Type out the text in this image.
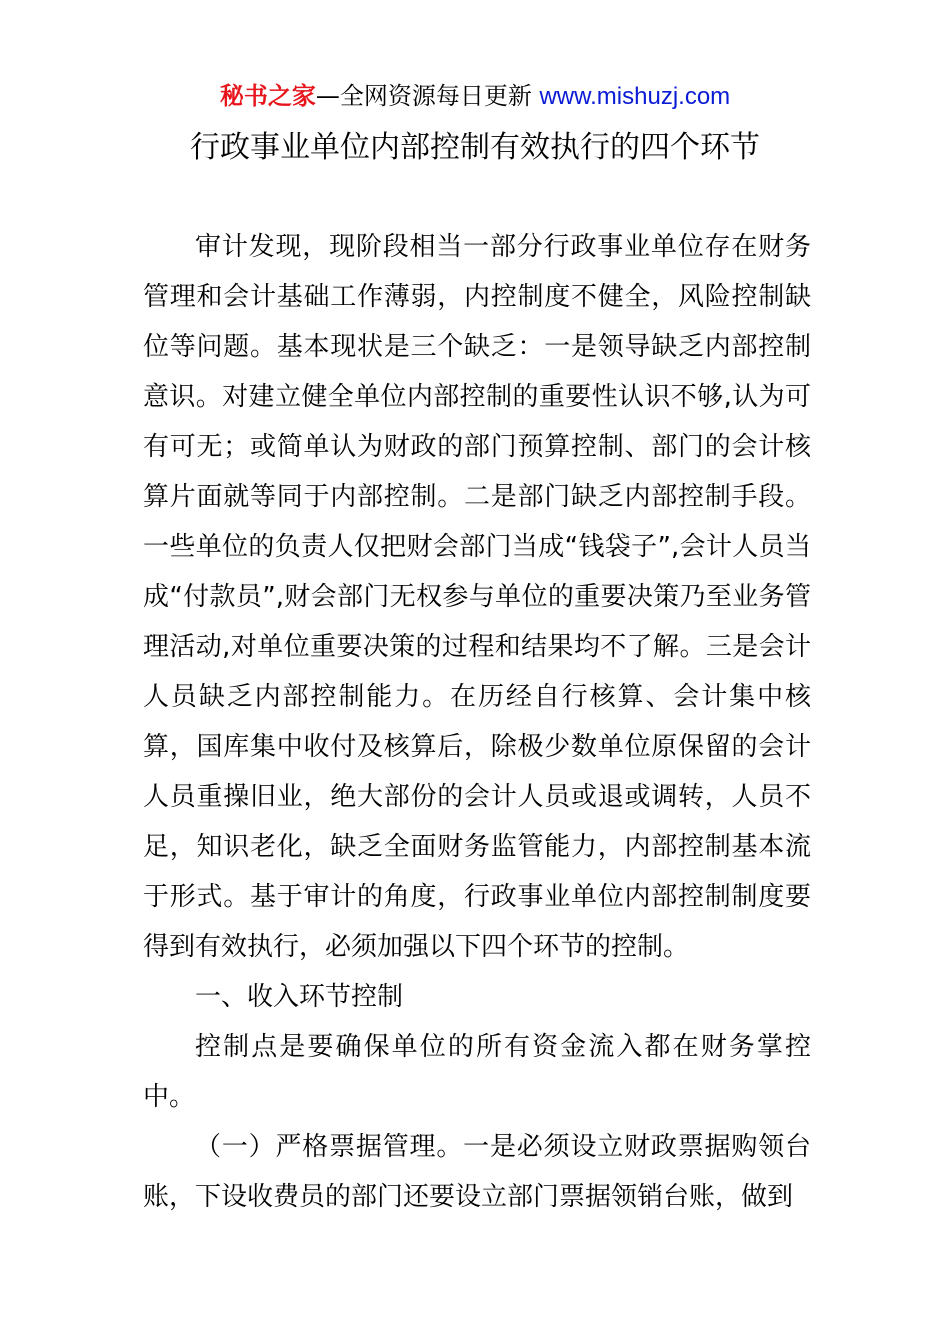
秘书之家—全网资源每日更新 www.mishuzj.com
行政事业单位内部控制有效执行的四个环节

审计发现，现阶段相当一部分行政事业单位存在财务管理和会计基础工作薄弱，内控制度不健全，风险控制缺位等问题。基本现状是三个缺乏：一是领导缺乏内部控制意识。对建立健全单位内部控制的重要性认识不够,认为可有可无；或简单认为财政的部门预算控制、部门的会计核算片面就等同于内部控制。二是部门缺乏内部控制手段。一些单位的负责人仅把财会部门当成“钱袋子”,会计人员当成“付款员”,财会部门无权参与单位的重要决策乃至业务管理活动,对单位重要决策的过程和结果均不了解。三是会计人员缺乏内部控制能力。在历经自行核算、会计集中核算，国库集中收付及核算后，除极少数单位原保留的会计人员重操旧业，绝大部份的会计人员或退或调转，人员不足，知识老化，缺乏全面财务监管能力，内部控制基本流于形式。基于审计的角度，行政事业单位内部控制制度要得到有效执行，必须加强以下四个环节的控制。

一、收入环节控制

控制点是要确保单位的所有资金流入都在财务掌控中。

（一）严格票据管理。一是必须设立财政票据购领台账，下设收费员的部门还要设立部门票据领销台账，做到
